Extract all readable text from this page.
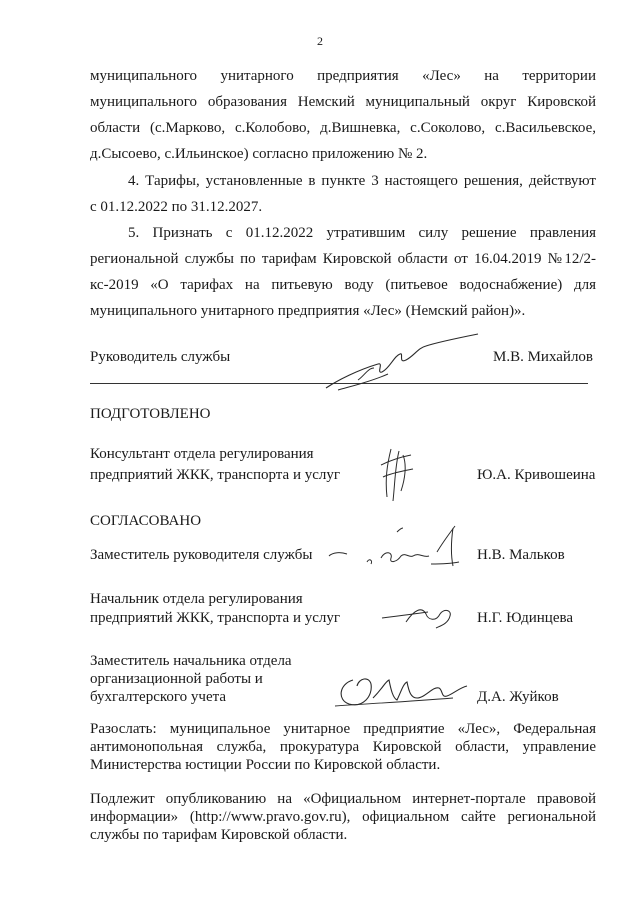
2
муниципального унитарного предприятия «Лес» на территории
муниципального образования Немский муниципальный округ Кировской
области (с.Марково, с.Колобово, д.Вишневка, с.Соколово, с.Васильевское,
д.Сысоево, с.Ильинское) согласно приложению № 2.
4. Тарифы, установленные в пункте 3 настоящего решения, действуют
с 01.12.2022 по 31.12.2027.
5. Признать с 01.12.2022 утратившим силу решение правления
региональной службы по тарифам Кировской области от 16.04.2019 №12/2-
кс-2019 «О тарифах на питьевую воду (питьевое водоснабжение) для
муниципального унитарного предприятия «Лес» (Немский район)».
Руководитель службы	М.В. Михайлов
ПОДГОТОВЛЕНО
Консультант отдела регулирования
предприятий ЖКК, транспорта и услуг	Ю.А. Кривошеина
СОГЛАСОВАНО
Заместитель руководителя службы	Н.В. Мальков
Начальник отдела регулирования
предприятий ЖКК, транспорта и услуг	Н.Г. Юдинцева
Заместитель начальника отдела
организационной работы и
бухгалтерского учета	Д.А. Жуйков
Разослать: муниципальное унитарное предприятие «Лес», Федеральная
антимонопольная служба, прокуратура Кировской области, управление
Министерства юстиции России по Кировской области.
Подлежит опубликованию на «Официальном интернет-портале правовой
информации» (http://www.pravo.gov.ru), официальном сайте региональной
службы по тарифам Кировской области.
